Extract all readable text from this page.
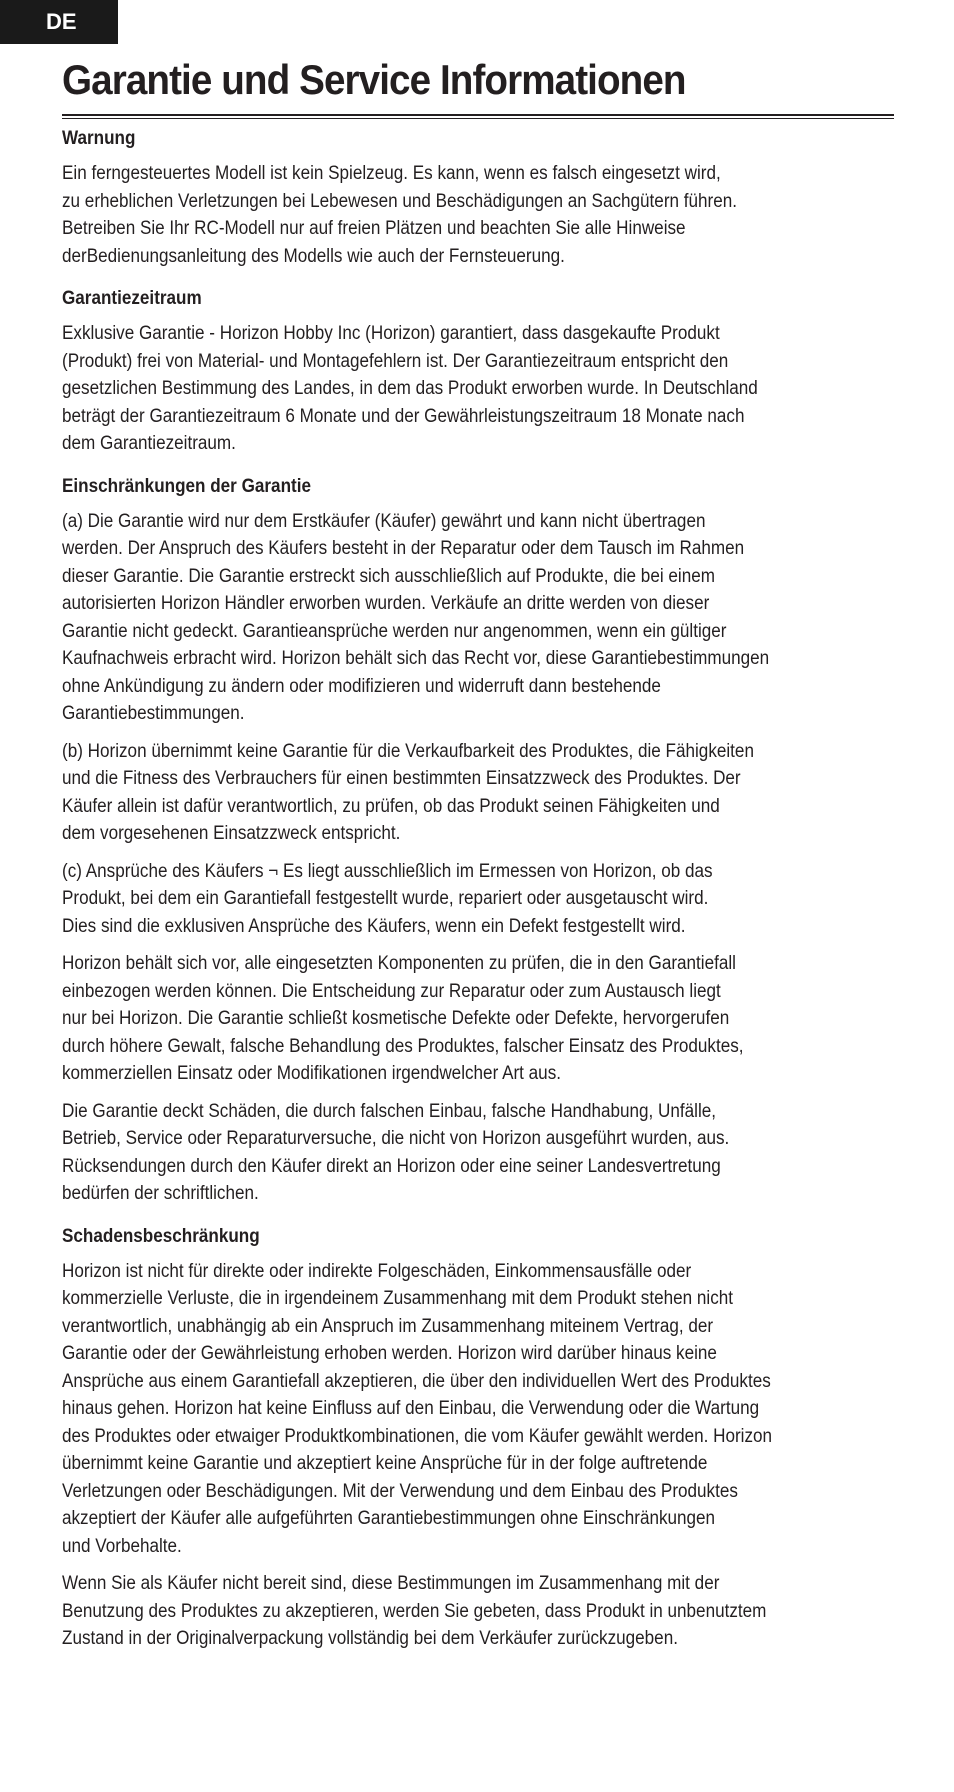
DE
Garantie und Service Informationen
Warnung

Ein ferngesteuertes Modell ist kein Spielzeug. Es kann, wenn es falsch eingesetzt wird,
zu erheblichen Verletzungen bei Lebewesen und Beschädigungen an Sachgütern führen.
Betreiben Sie Ihr RC-Modell nur auf freien Plätzen und beachten Sie alle Hinweise
derBedienungsanleitung des Modells wie auch der Fernsteuerung.

Garantiezeitraum

Exklusive Garantie - Horizon Hobby Inc (Horizon) garantiert, dass dasgekaufte Produkt
(Produkt) frei von Material- und Montagefehlern ist. Der Garantiezeitraum entspricht den
gesetzlichen Bestimmung des Landes, in dem das Produkt erworben wurde. In Deutschland
beträgt der Garantiezeitraum 6 Monate und der Gewährleistungszeitraum 18 Monate nach
dem Garantiezeitraum.

Einschränkungen der Garantie

(a) Die Garantie wird nur dem Erstkäufer (Käufer) gewährt und kann nicht übertragen
werden. Der Anspruch des Käufers besteht in der Reparatur oder dem Tausch im Rahmen
dieser Garantie. Die Garantie erstreckt sich ausschließlich auf Produkte, die bei einem
autorisierten Horizon Händler erworben wurden. Verkäufe an dritte werden von dieser
Garantie nicht gedeckt. Garantieansprüche werden nur angenommen, wenn ein gültiger
Kaufnachweis erbracht wird. Horizon behält sich das Recht vor, diese Garantiebestimmungen
ohne Ankündigung zu ändern oder modifizieren und widerruft dann bestehende
Garantiebestimmungen.

(b) Horizon übernimmt keine Garantie für die Verkaufbarkeit des Produktes, die Fähigkeiten
und die Fitness des Verbrauchers für einen bestimmten Einsatzzweck des Produktes. Der
Käufer allein ist dafür verantwortlich, zu prüfen, ob das Produkt seinen Fähigkeiten und
dem vorgesehenen Einsatzzweck entspricht.

(c) Ansprüche des Käufers ¬ Es liegt ausschließlich im Ermessen von Horizon, ob das
Produkt, bei dem ein Garantiefall festgestellt wurde, repariert oder ausgetauscht wird.
Dies sind die exklusiven Ansprüche des Käufers, wenn ein Defekt festgestellt wird.

Horizon behält sich vor, alle eingesetzten Komponenten zu prüfen, die in den Garantiefall
einbezogen werden können. Die Entscheidung zur Reparatur oder zum Austausch liegt
nur bei Horizon. Die Garantie schließt kosmetische Defekte oder Defekte, hervorgerufen
durch höhere Gewalt, falsche Behandlung des Produktes, falscher Einsatz des Produktes,
kommerziellen Einsatz oder Modifikationen irgendwelcher Art aus.

Die Garantie deckt Schäden, die durch falschen Einbau, falsche Handhabung, Unfälle,
Betrieb, Service oder Reparaturversuche, die nicht von Horizon ausgeführt wurden, aus.
Rücksendungen durch den Käufer direkt an Horizon oder eine seiner Landesvertretung
bedürfen der schriftlichen.

Schadensbeschränkung

Horizon ist nicht für direkte oder indirekte Folgeschäden, Einkommensausfälle oder
kommerzielle Verluste, die in irgendeinem Zusammenhang mit dem Produkt stehen nicht
verantwortlich, unabhängig ab ein Anspruch im Zusammenhang miteinem Vertrag, der
Garantie oder der Gewährleistung erhoben werden. Horizon wird darüber hinaus keine
Ansprüche aus einem Garantiefall akzeptieren, die über den individuellen Wert des Produktes
hinaus gehen. Horizon hat keine Einfluss auf den Einbau, die Verwendung oder die Wartung
des Produktes oder etwaiger Produktkombinationen, die vom Käufer gewählt werden. Horizon
übernimmt keine Garantie und akzeptiert keine Ansprüche für in der folge auftretende
Verletzungen oder Beschädigungen. Mit der Verwendung und dem Einbau des Produktes
akzeptiert der Käufer alle aufgeführten Garantiebestimmungen ohne Einschränkungen
und Vorbehalte.

Wenn Sie als Käufer nicht bereit sind, diese Bestimmungen im Zusammenhang mit der
Benutzung des Produktes zu akzeptieren, werden Sie gebeten, dass Produkt in unbenutztem
Zustand in der Originalverpackung vollständig bei dem Verkäufer zurückzugeben.
